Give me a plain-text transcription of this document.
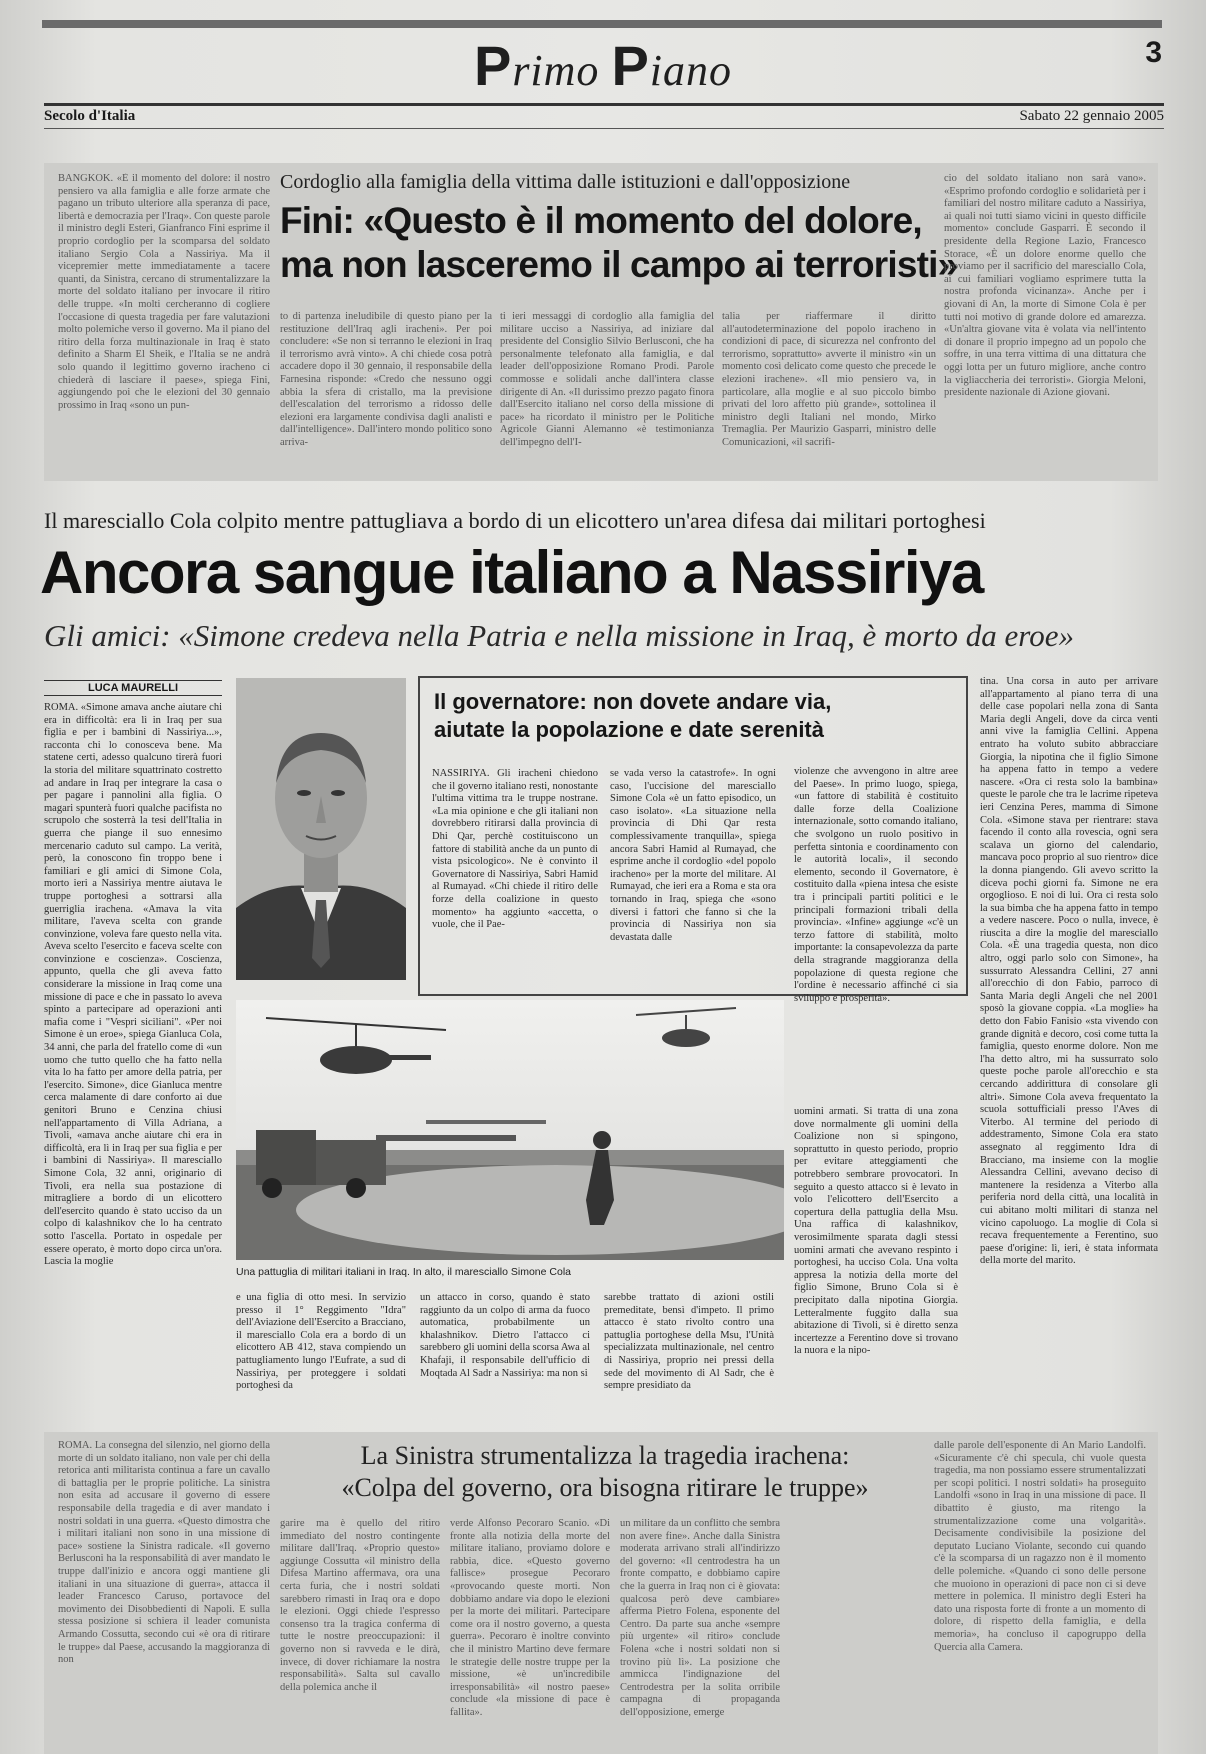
Primo Piano	3
Secolo d'Italia	Sabato 22 gennaio 2005
BANGKOK. «È il momento del dolore: il nostro pensiero va alla famiglia e alle forze armate che pagano un tributo ulteriore alla speranza di pace, libertà e democrazia per l'Iraq». Con queste parole il ministro degli Esteri, Gianfranco Fini esprime il proprio cordoglio per la scomparsa del soldato italiano Sergio Cola a Nassiriya. Ma il vicepremier mette immediatamente a tacere quanti, da Sinistra, cercano di strumentalizzare la morte del soldato italiano per invocare il ritiro delle truppe. «In molti cercheranno di cogliere l'occasione di questa tragedia per fare valutazioni molto polemiche verso il governo. Ma il piano del ritiro della forza multinazionale in Iraq è stato definito a Sharm El Sheik, e l'Italia se ne andrà solo quando il legittimo governo iracheno ci chiederà di lasciare il paese», spiega Fini, aggiungendo poi che le elezioni del 30 gennaio prossimo in Iraq «sono un pun-
Cordoglio alla famiglia della vittima dalle istituzioni e dall'opposizione
Fini: «Questo è il momento del dolore,
ma non lasceremo il campo ai terroristi»
to di partenza ineludibile di questo piano per la restituzione dell'Iraq agli iracheni». Per poi concludere: «Se non si terranno le elezioni in Iraq il terrorismo avrà vinto». A chi chiede cosa potrà accadere dopo il 30 gennaio, il responsabile della Farnesina risponde: «Credo che nessuno oggi abbia la sfera di cristallo, ma la previsione dell'escalation del terrorismo a ridosso delle elezioni era largamente condivisa dagli analisti e dall'intelligence». Dall'intero mondo politico sono arriva-
ti ieri messaggi di cordoglio alla famiglia del militare ucciso a Nassiriya, ad iniziare dal presidente del Consiglio Silvio Berlusconi, che ha personalmente telefonato alla famiglia, e dal leader dell'opposizione Romano Prodi. Parole commosse e solidali anche dall'intera classe dirigente di An. «Il durissimo prezzo pagato finora dall'Esercito italiano nel corso della missione di pace» ha ricordato il ministro per le Politiche Agricole Gianni Alemanno «è testimonianza dell'impegno dell'I-
talia per riaffermare il diritto all'autodeterminazione del popolo iracheno in condizioni di pace, di sicurezza nel confronto del terrorismo, soprattutto» avverte il ministro «in un momento così delicato come questo che precede le elezioni irachene». «Il mio pensiero va, in particolare, alla moglie e al suo piccolo bimbo privati del loro affetto più grande», sottolinea il ministro degli Italiani nel mondo, Mirko Tremaglia. Per Maurizio Gasparri, ministro delle Comunicazioni, «il sacrifi-
cio del soldato italiano non sarà vano». «Esprimo profondo cordoglio e solidarietà per i familiari del nostro militare caduto a Nassiriya, ai quali noi tutti siamo vicini in questo difficile momento» conclude Gasparri. È secondo il presidente della Regione Lazio, Francesco Storace, «È un dolore enorme quello che proviamo per il sacrificio del maresciallo Cola, ai cui familiari vogliamo esprimere tutta la nostra profonda vicinanza». Anche per i giovani di An, la morte di Simone Cola è per tutti noi motivo di grande dolore ed amarezza. «Un'altra giovane vita è volata via nell'intento di donare il proprio impegno ad un popolo che soffre, in una terra vittima di una dittatura che oggi lotta per un futuro migliore, anche contro la vigliaccheria dei terroristi». Giorgia Meloni, presidente nazionale di Azione giovani.
Il maresciallo Cola colpito mentre pattugliava a bordo di un elicottero un'area difesa dai militari portoghesi
Ancora sangue italiano a Nassiriya
Gli amici: «Simone credeva nella Patria e nella missione in Iraq, è morto da eroe»
LUCA MAURELLI
ROMA. «Simone amava anche aiutare chi era in difficoltà: era lì in Iraq per sua figlia e per i bambini di Nassiriya...», racconta chi lo conosceva bene. Ma statene certi, adesso qualcuno tirerà fuori la storia del militare squattrinato costretto ad andare in Iraq per integrare la casa o per pagare i pannolini alla figlia. O magari spunterà fuori qualche pacifista no scrupolo che sosterrà la tesi dell'Italia in guerra che piange il suo ennesimo mercenario caduto sul campo. La verità, però, la conoscono fin troppo bene i familiari e gli amici di Simone Cola, morto ieri a Nassiriya mentre aiutava le truppe portoghesi a sottrarsi alla guerriglia irachena. «Amava la vita militare, l'aveva scelta con grande convinzione, voleva fare questo nella vita. Aveva scelto l'esercito e faceva scelte con convinzione e coscienza». Coscienza, appunto, quella che gli aveva fatto considerare la missione in Iraq come una missione di pace e che in passato lo aveva spinto a partecipare ad operazioni anti mafia come i "Vespri siciliani". «Per noi Simone è un eroe», spiega Gianluca Cola, 34 anni, che parla del fratello come di «un uomo che tutto quello che ha fatto nella vita lo ha fatto per amore della patria, per l'esercito. Simone», dice Gianluca mentre cerca malamente di dare conforto ai due genitori Bruno e Cenzina chiusi nell'appartamento di Villa Adriana, a Tivoli, «amava anche aiutare chi era in difficoltà, era lì in Iraq per sua figlia e per i bambini di Nassiriya». Il maresciallo Simone Cola, 32 anni, originario di Tivoli, era nella sua postazione di mitragliere a bordo di un elicottero dell'esercito quando è stato ucciso da un colpo di kalashnikov che lo ha centrato sotto l'ascella. Portato in ospedale per essere operato, è morto dopo circa un'ora. Lascia la moglie
Il governatore: non dovete andare via,
aiutate la popolazione e date serenità
NASSIRIYA. Gli iracheni chiedono che il governo italiano resti, nonostante l'ultima vittima tra le truppe nostrane. «La mia opinione e che gli italiani non dovrebbero ritirarsi dalla provincia di Dhi Qar, perchè costituiscono un fattore di stabilità anche da un punto di vista psicologico». Ne è convinto il Governatore di Nassiriya, Sabri Hamid al Rumayad. «Chi chiede il ritiro delle forze della coalizione in questo momento» ha aggiunto «accetta, o vuole, che il Pae-
se vada verso la catastrofe». In ogni caso, l'uccisione del maresciallo Simone Cola «è un fatto episodico, un caso isolato». «La situazione nella provincia di Dhi Qar resta complessivamente tranquilla», spiega ancora Sabri Hamid al Rumayad, che esprime anche il cordoglio «del popolo iracheno» per la morte del militare. Al Rumayad, che ieri era a Roma e sta ora tornando in Iraq, spiega che «sono diversi i fattori che fanno sì che la provincia di Nassiriya non sia devastata dalle
violenze che avvengono in altre aree del Paese». In primo luogo, spiega, «un fattore di stabilità è costituito dalle forze della Coalizione internazionale, sotto comando italiano, che svolgono un ruolo positivo in perfetta sintonia e coordinamento con le autorità locali», il secondo elemento, secondo il Governatore, è costituito dalla «piena intesa che esiste tra i principali partiti politici e le principali formazioni tribali della provincia». «Infine» aggiunge «c'è un terzo fattore di stabilità, molto importante: la consapevolezza da parte della stragrande maggioranza della popolazione di questa regione che l'ordine è necessario affinché ci sia sviluppo e prosperità».
Una pattuglia di militari italiani in Iraq. In alto, il maresciallo Simone Cola
e una figlia di otto mesi. In servizio presso il 1° Reggimento "Idra" dell'Aviazione dell'Esercito a Bracciano, il maresciallo Cola era a bordo di un elicottero AB 412, stava compiendo un pattugliamento lungo l'Eufrate, a sud di Nassiriya, per proteggere i soldati portoghesi da
un attacco in corso, quando è stato raggiunto da un colpo di arma da fuoco automatica, probabilmente un khalashnikov. Dietro l'attacco ci sarebbero gli uomini della scorsa Awa al Khafaji, il responsabile dell'ufficio di Moqtada Al Sadr a Nassiriya: ma non si
sarebbe trattato di azioni ostili premeditate, bensì d'impeto. Il primo attacco è stato rivolto contro una pattuglia portoghese della Msu, l'Unità specializzata multinazionale, nel centro di Nassiriya, proprio nei pressi della sede del movimento di Al Sadr, che è sempre presidiato da
uomini armati. Si tratta di una zona dove normalmente gli uomini della Coalizione non si spingono, soprattutto in questo periodo, proprio per evitare atteggiamenti che potrebbero sembrare provocatori. In seguito a questo attacco si è levato in volo l'elicottero dell'Esercito a copertura della pattuglia della Msu. Una raffica di kalashnikov, verosimilmente sparata dagli stessi uomini armati che avevano respinto i portoghesi, ha ucciso Cola. Una volta appresa la notizia della morte del figlio Simone, Bruno Cola si è precipitato dalla nipotina Giorgia. Letteralmente fuggito dalla sua abitazione di Tivoli, si è diretto senza incertezze a Ferentino dove si trovano la nuora e la nipo-
tina. Una corsa in auto per arrivare all'appartamento al piano terra di una delle case popolari nella zona di Santa Maria degli Angeli, dove da circa venti anni vive la famiglia Cellini. Appena entrato ha voluto subito abbracciare Giorgia, la nipotina che il figlio Simone ha appena fatto in tempo a vedere nascere. «Ora ci resta solo la bambina» queste le parole che tra le lacrime ripeteva ieri Cenzina Peres, mamma di Simone Cola. «Simone stava per rientrare: stava facendo il conto alla rovescia, ogni sera scalava un giorno del calendario, mancava poco proprio al suo rientro» dice la donna piangendo. Gli avevo scritto la diceva pochi giorni fa. Simone ne era orgoglioso. E noi di lui. Ora ci resta solo la sua bimba che ha appena fatto in tempo a vedere nascere. Poco o nulla, invece, è riuscita a dire la moglie del maresciallo Cola. «È una tragedia questa, non dico altro, oggi parlo solo con Simone», ha sussurrato Alessandra Cellini, 27 anni all'orecchio di don Fabio, parroco di Santa Maria degli Angeli che nel 2001 sposò la giovane coppia. «La moglie» ha detto don Fabio Fanisio «sta vivendo con grande dignità e decoro, così come tutta la famiglia, questo enorme dolore. Non me l'ha detto altro, mi ha sussurrato solo queste poche parole all'orecchio e sta cercando addirittura di consolare gli altri». Simone Cola aveva frequentato la scuola sottufficiali presso l'Aves di Viterbo. Al termine del periodo di addestramento, Simone Cola era stato assegnato al reggimento Idra di Bracciano, ma insieme con la moglie Alessandra Cellini, avevano deciso di mantenere la residenza a Viterbo alla periferia nord della città, una località in cui abitano molti militari di stanza nel vicino capoluogo. La moglie di Cola si recava frequentemente a Ferentino, suo paese d'origine: lì, ieri, è stata informata della morte del marito.
ROMA. La consegna del silenzio, nel giorno della morte di un soldato italiano, non vale per chi della retorica anti militarista continua a fare un cavallo di battaglia per le proprie politiche. La sinistra non esita ad accusare il governo di essere responsabile della tragedia e di aver mandato i nostri soldati in una guerra. «Questo dimostra che i militari italiani non sono in una missione di pace» sostiene la Sinistra radicale. «Il governo Berlusconi ha la responsabilità di aver mandato le truppe dall'inizio e ancora oggi mantiene gli italiani in una situazione di guerra», attacca il leader Francesco Caruso, portavoce del movimento dei Disobbedienti di Napoli. E sulla stessa posizione si schiera il leader comunista Armando Cossutta, secondo cui «è ora di ritirare le truppe» dal Paese, accusando la maggioranza di non
La Sinistra strumentalizza la tragedia irachena:
«Colpa del governo, ora bisogna ritirare le truppe»
garire ma è quello del ritiro immediato del nostro contingente militare dall'Iraq. «Proprio questo» aggiunge Cossutta «il ministro della Difesa Martino affermava, ora una certa furia, che i nostri soldati sarebbero rimasti in Iraq ora e dopo le elezioni. Oggi chiede l'espresso consenso tra la tragica conferma di tutte le nostre preoccupazioni: il governo non si ravveda e le dirà, invece, di dover richiamare la nostra responsabilità». Salta sul cavallo della polemica anche il
verde Alfonso Pecoraro Scanio. «Di fronte alla notizia della morte del militare italiano, proviamo dolore e rabbia, dice. «Questo governo fallisce» prosegue Pecoraro «provocando queste morti. Non dobbiamo andare via dopo le elezioni per la morte dei militari. Partecipare come ora il nostro governo, a questa guerra». Pecoraro è inoltre convinto che il ministro Martino deve fermare le strategie delle nostre truppe per la missione, «è un'incredibile irresponsabilità» «il nostro paese» conclude «la missione di pace è fallita».
un militare da un conflitto che sembra non avere fine». Anche dalla Sinistra moderata arrivano strali all'indirizzo del governo: «Il centrodestra ha un fronte compatto, e dobbiamo capire che la guerra in Iraq non ci è giovata: qualcosa però deve cambiare» afferma Pietro Folena, esponente del Centro. Da parte sua anche «sempre più urgente» «il ritiro» conclude Folena «che i nostri soldati non si trovino più lì». La posizione che ammicca l'indignazione del Centrodestra per la solita orribile campagna di propaganda dell'opposizione, emerge
dalle parole dell'esponente di An Mario Landolfi. «Sicuramente c'è chi specula, chi vuole questa tragedia, ma non possiamo essere strumentalizzati per scopi politici. I nostri soldati» ha proseguito Landolfi «sono in Iraq in una missione di pace. Il dibattito è giusto, ma ritengo la strumentalizzazione come una volgarità». Decisamente condivisibile la posizione del deputato Luciano Violante, secondo cui quando c'è la scomparsa di un ragazzo non è il momento delle polemiche. «Quando ci sono delle persone che muoiono in operazioni di pace non ci si deve mettere in polemica. Il ministro degli Esteri ha dato una risposta forte di fronte a un momento di dolore, di rispetto della famiglia, e della memoria», ha concluso il capogruppo della Quercia alla Camera.
